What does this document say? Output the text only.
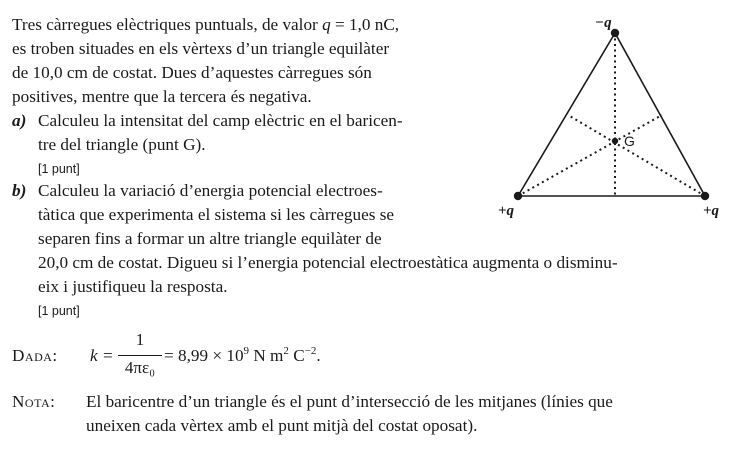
Tres càrregues elèctriques puntuals, de valor q = 1,0 nC,
es troben situades en els vèrtexs d’un triangle equilàter
de 10,0 cm de costat. Dues d’aquestes càrregues són
positives, mentre que la tercera és negativa.
a) Calculeu la intensitat del camp elèctric en el baricen-
tre del triangle (punt G).
[1 punt]
b) Calculeu la variació d’energia potencial electroes-
tàtica que experimenta el sistema si les càrregues se
separen fins a formar un altre triangle equilàter de
20,0 cm de costat. Digueu si l’energia potencial electroestàtica augmenta o disminu-
eix i justifiqueu la resposta.
[1 punt]
Dada: k =
1
4πε₀
= $8,99 \times 10^9$ N $m^2$ $C^{-2}$.
Nota: El baricentre d’un triangle és el punt d’intersecció de les mitjanes (línies que
uneixen cada vèrtex amb el punt mitjà del costat oposat).
−q
+q	+q
G
